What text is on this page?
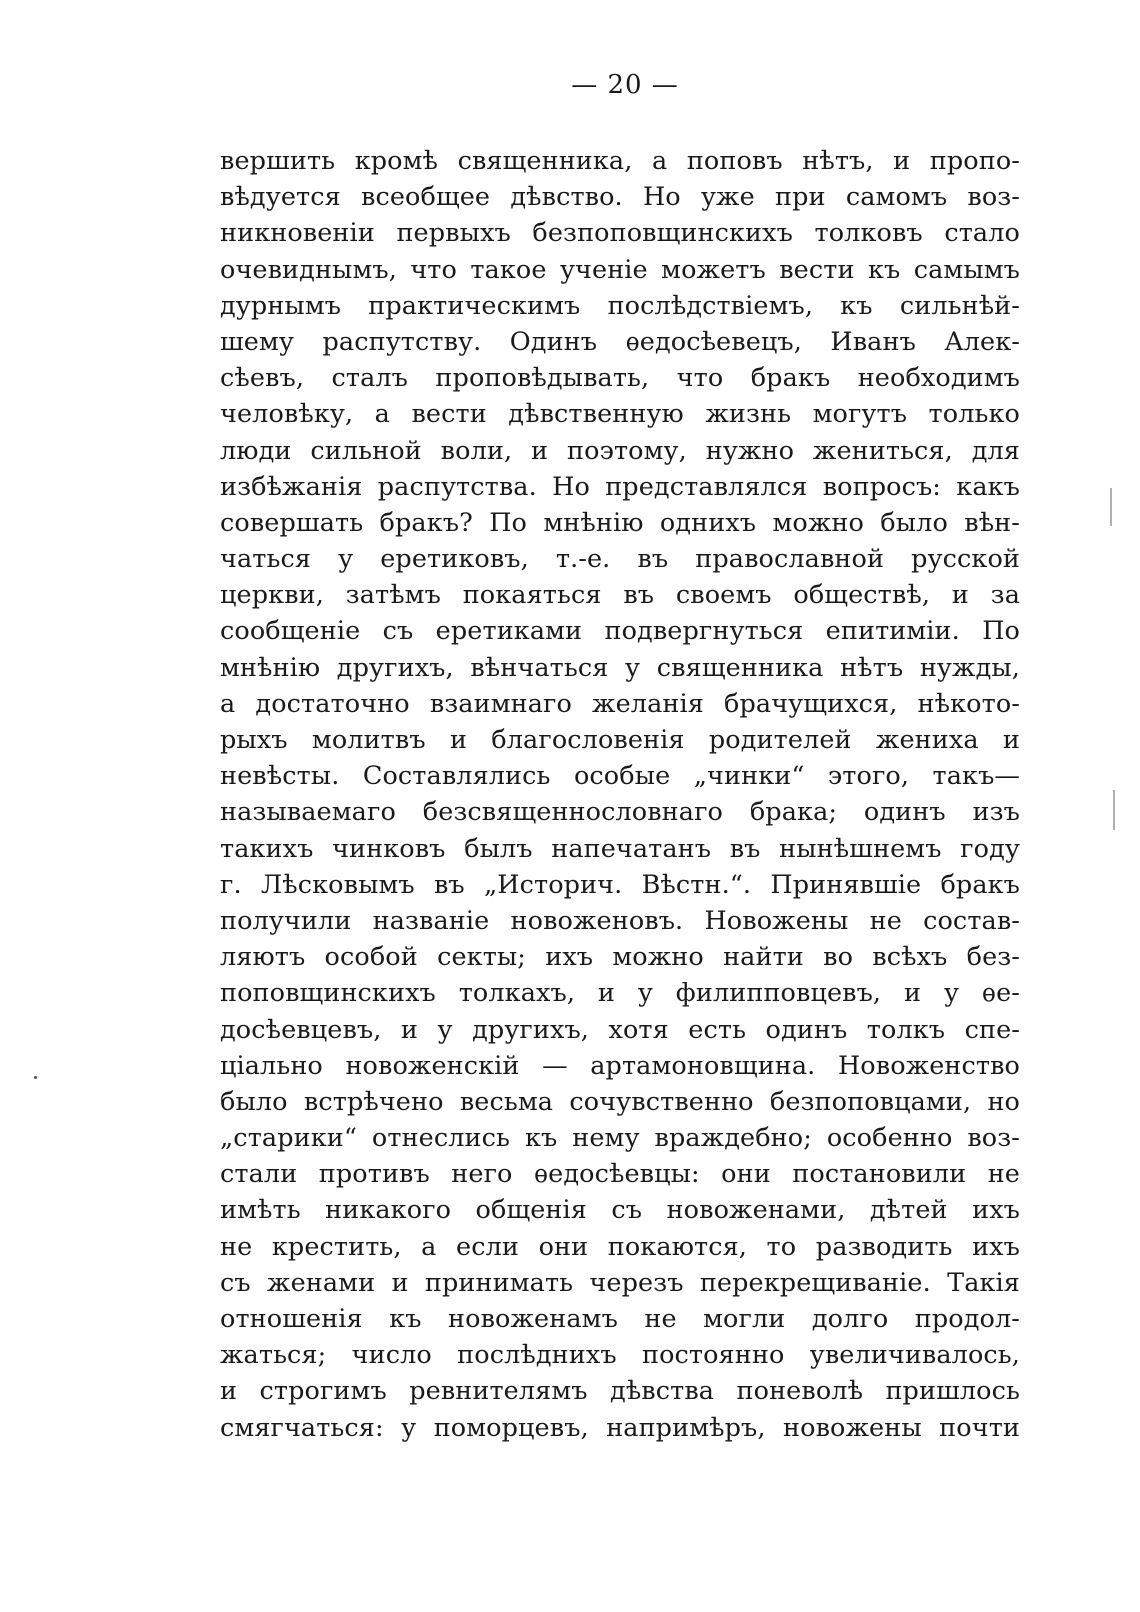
— 20 —
вершить кромѣ священника, а поповъ нѣтъ, и пропо-
вѣдуется всеобщее дѣвство. Но уже при самомъ воз-
никновеніи первыхъ безпоповщинскихъ толковъ стало
очевиднымъ, что такое ученіе можетъ вести къ самымъ
дурнымъ практическимъ послѣдствіемъ, къ сильнѣй-
шему распутству. Одинъ ѳедосѣевецъ, Иванъ Алек-
сѣевъ, сталъ проповѣдывать, что бракъ необходимъ
человѣку, а вести дѣвственную жизнь могутъ только
люди сильной воли, и поэтому, нужно жениться, для
избѣжанія распутства. Но представлялся вопросъ: какъ
совершать бракъ? По мнѣнію однихъ можно было вѣн-
чаться у еретиковъ, т.-е. въ православной русской
церкви, затѣмъ покаяться въ своемъ обществѣ, и за
сообщеніе съ еретиками подвергнуться епитиміи. По
мнѣнію другихъ, вѣнчаться у священника нѣтъ нужды,
а достаточно взаимнаго желанія брачущихся, нѣкото-
рыхъ молитвъ и благословенія родителей жениха и
невѣсты. Составлялись особые „чинки“ этого, такъ—
называемаго безсвященнословнаго брака; одинъ изъ
такихъ чинковъ былъ напечатанъ въ нынѣшнемъ году
г. Лѣсковымъ въ „Историч. Вѣстн.“. Принявшіе бракъ
получили названіе новоженовъ. Новожены не состав-
ляютъ особой секты; ихъ можно найти во всѣхъ без-
поповщинскихъ толкахъ, и у филипповцевъ, и у ѳе-
досѣевцевъ, и у другихъ, хотя есть одинъ толкъ спе-
ціально новоженскій — артамоновщина. Новоженство
было встрѣчено весьма сочувственно безпоповцами, но
„старики“ отнеслись къ нему враждебно; особенно воз-
стали противъ него ѳедосѣевцы: они постановили не
имѣть никакого общенія съ новоженами, дѣтей ихъ
не крестить, а если они покаются, то разводить ихъ
съ женами и принимать черезъ перекрещиваніе. Такія
отношенія къ новоженамъ не могли долго продол-
жаться; число послѣднихъ постоянно увеличивалось,
и строгимъ ревнителямъ дѣвства поневолѣ пришлось
смягчаться: у поморцевъ, напримѣръ, новожены почти
